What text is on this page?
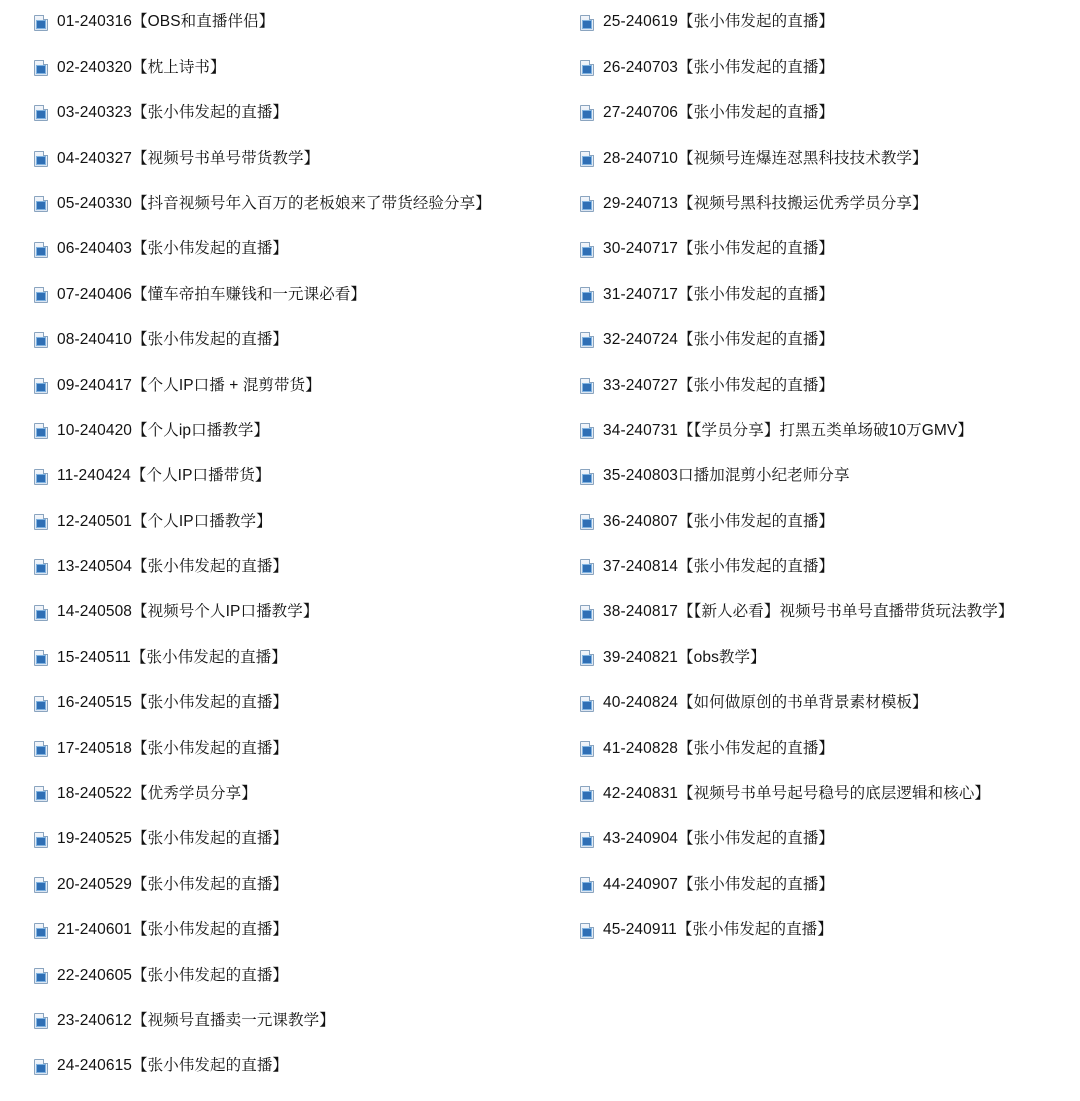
01-240316【OBS和直播伴侣】
02-240320【枕上诗书】
03-240323【张小伟发起的直播】
04-240327【视频号书单号带货教学】
05-240330【抖音视频号年入百万的老板娘来了带货经验分享】
06-240403【张小伟发起的直播】
07-240406【懂车帝拍车赚钱和一元课必看】
08-240410【张小伟发起的直播】
09-240417【个人IP口播 + 混剪带货】
10-240420【个人ip口播教学】
11-240424【个人IP口播带货】
12-240501【个人IP口播教学】
13-240504【张小伟发起的直播】
14-240508【视频号个人IP口播教学】
15-240511【张小伟发起的直播】
16-240515【张小伟发起的直播】
17-240518【张小伟发起的直播】
18-240522【优秀学员分享】
19-240525【张小伟发起的直播】
20-240529【张小伟发起的直播】
21-240601【张小伟发起的直播】
22-240605【张小伟发起的直播】
23-240612【视频号直播卖一元课教学】
24-240615【张小伟发起的直播】
25-240619【张小伟发起的直播】
26-240703【张小伟发起的直播】
27-240706【张小伟发起的直播】
28-240710【视频号连爆连怼黑科技技术教学】
29-240713【视频号黑科技搬运优秀学员分享】
30-240717【张小伟发起的直播】
31-240717【张小伟发起的直播】
32-240724【张小伟发起的直播】
33-240727【张小伟发起的直播】
34-240731【【学员分享】打黑五类单场破10万GMV】
35-240803口播加混剪小纪老师分享
36-240807【张小伟发起的直播】
37-240814【张小伟发起的直播】
38-240817【【新人必看】视频号书单号直播带货玩法教学】
39-240821【obs教学】
40-240824【如何做原创的书单背景素材模板】
41-240828【张小伟发起的直播】
42-240831【视频号书单号起号稳号的底层逻辑和核心】
43-240904【张小伟发起的直播】
44-240907【张小伟发起的直播】
45-240911【张小伟发起的直播】
